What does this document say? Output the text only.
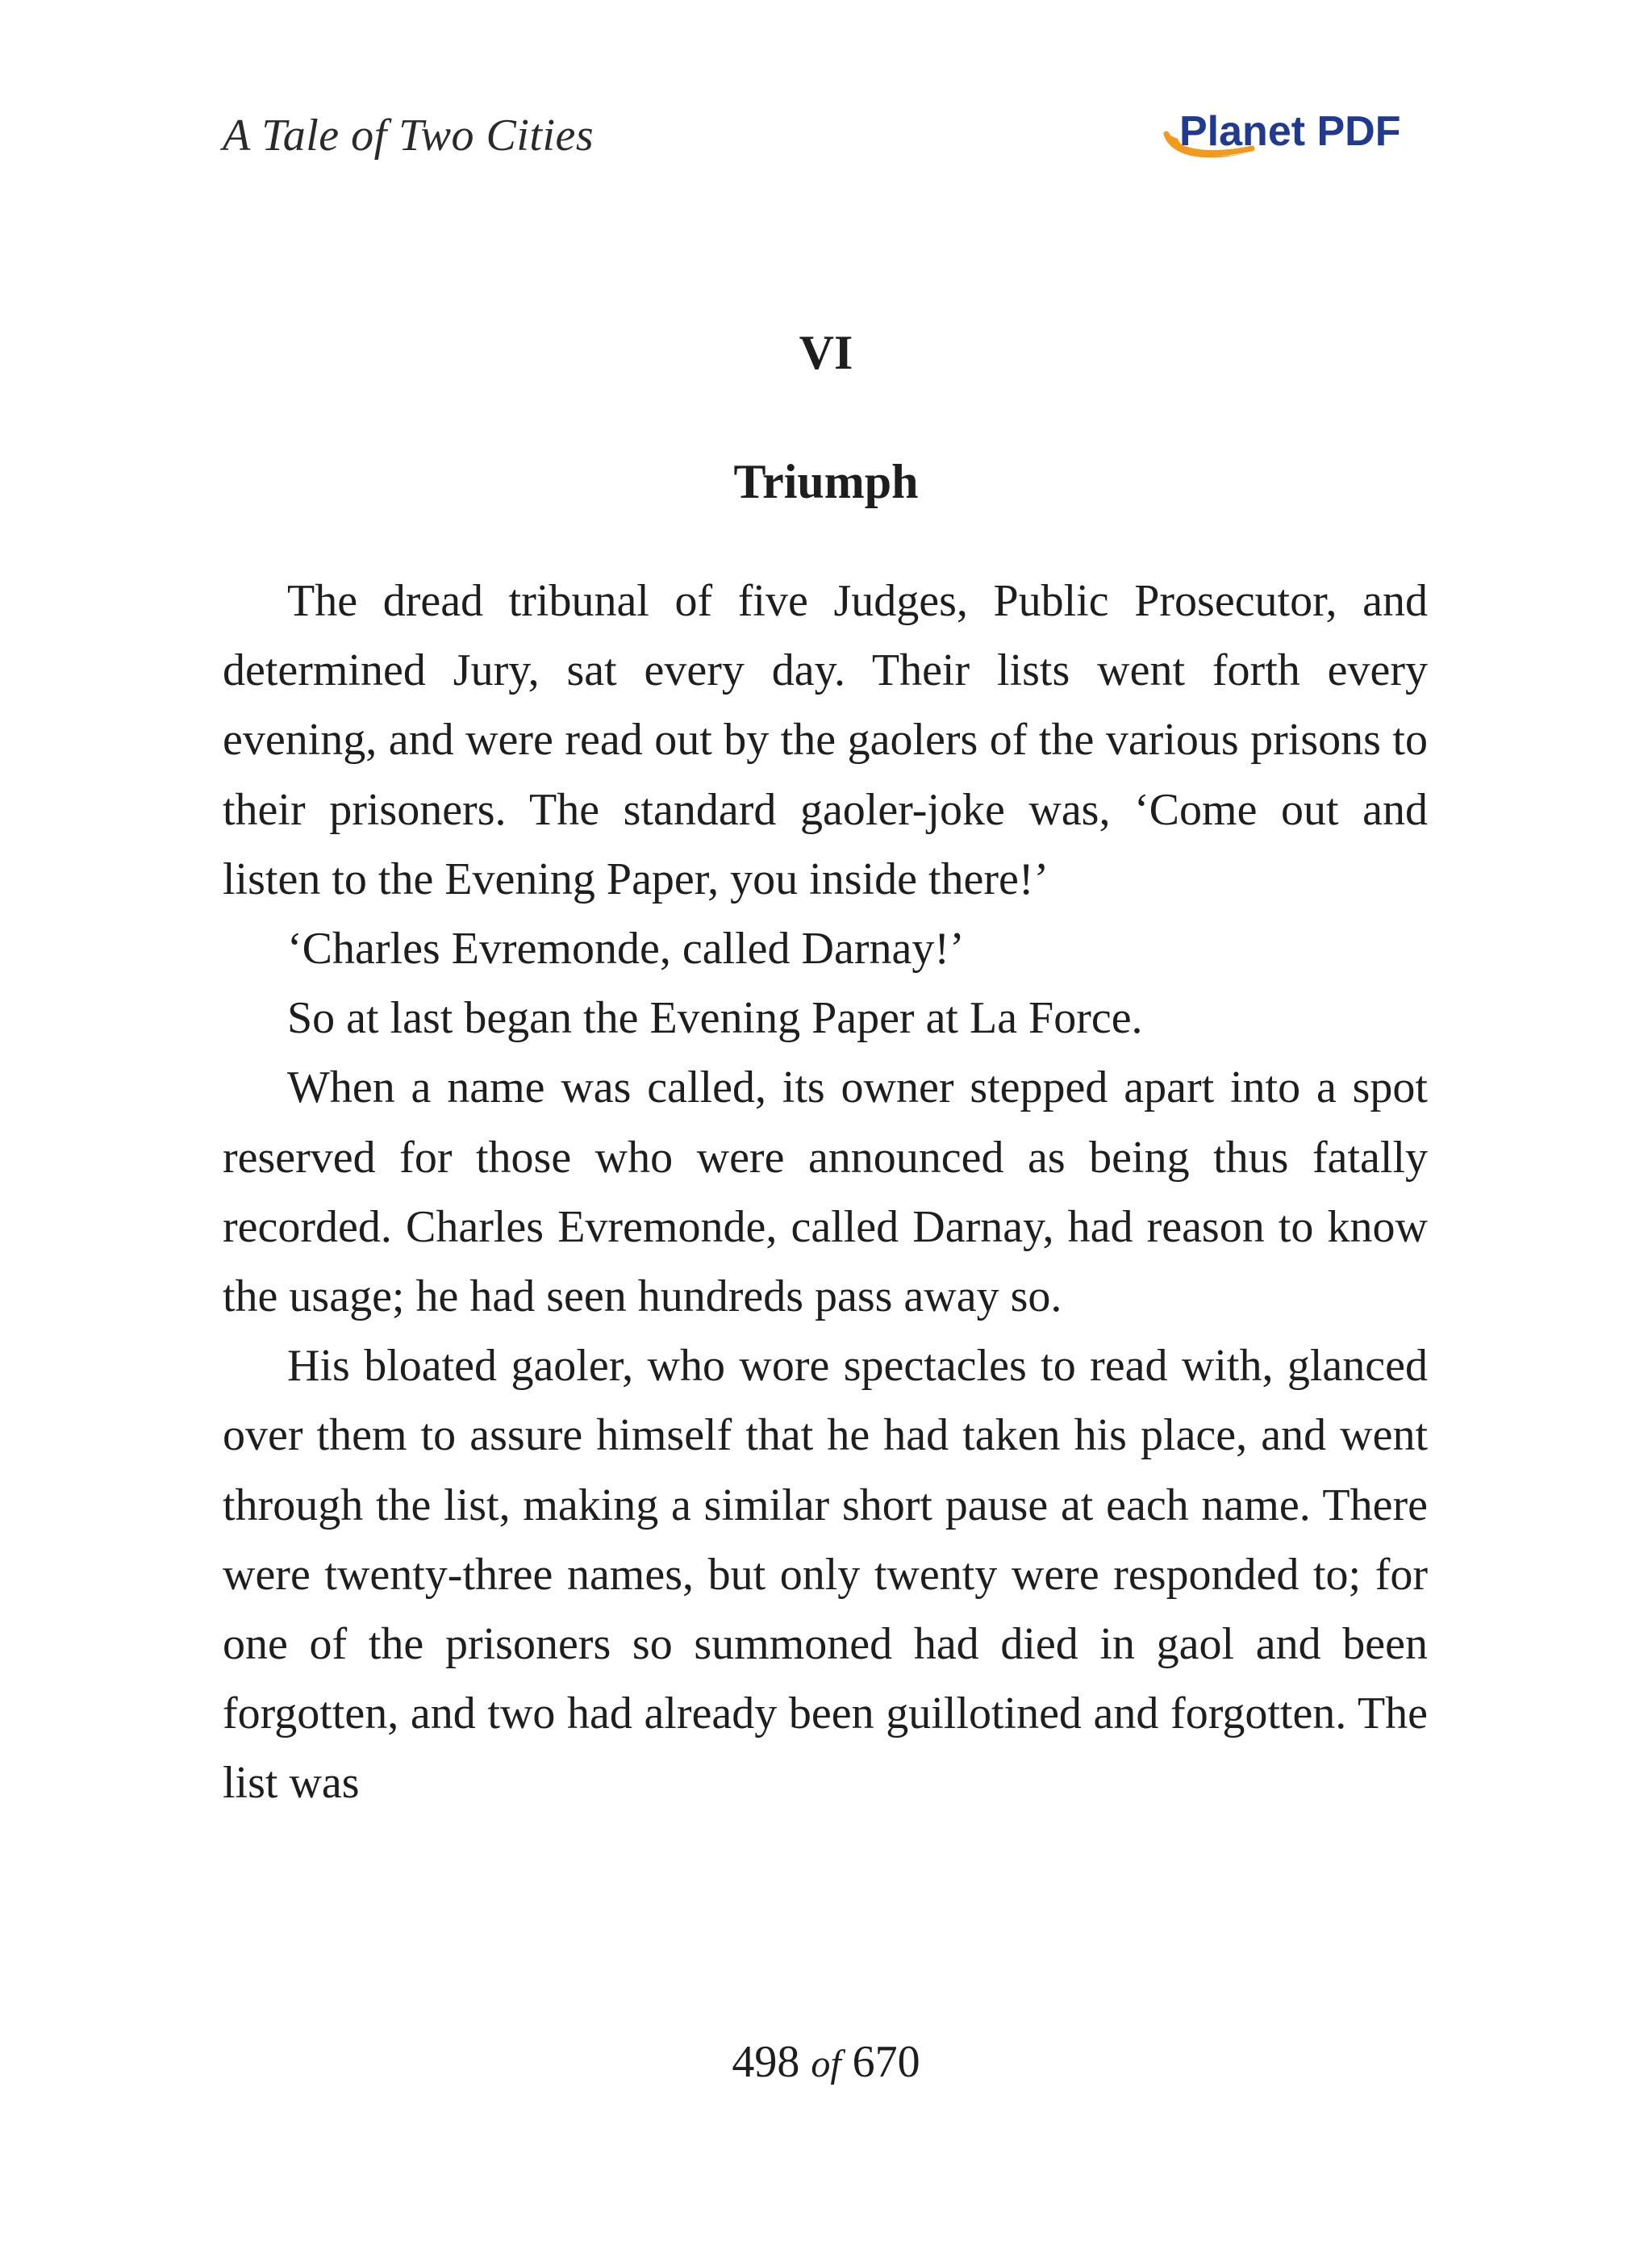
A Tale of Two Cities	Planet PDF
VI
Triumph

The dread tribunal of five Judges, Public Prosecutor, and determined Jury, sat every day. Their lists went forth every evening, and were read out by the gaolers of the various prisons to their prisoners. The standard gaoler-joke was, ‘Come out and listen to the Evening Paper, you inside there!’

‘Charles Evremonde, called Darnay!’

So at last began the Evening Paper at La Force.

When a name was called, its owner stepped apart into a spot reserved for those who were announced as being thus fatally recorded. Charles Evremonde, called Darnay, had reason to know the usage; he had seen hundreds pass away so.

His bloated gaoler, who wore spectacles to read with, glanced over them to assure himself that he had taken his place, and went through the list, making a similar short pause at each name. There were twenty-three names, but only twenty were responded to; for one of the prisoners so summoned had died in gaol and been forgotten, and two had already been guillotined and forgotten. The list was

498 of 670
